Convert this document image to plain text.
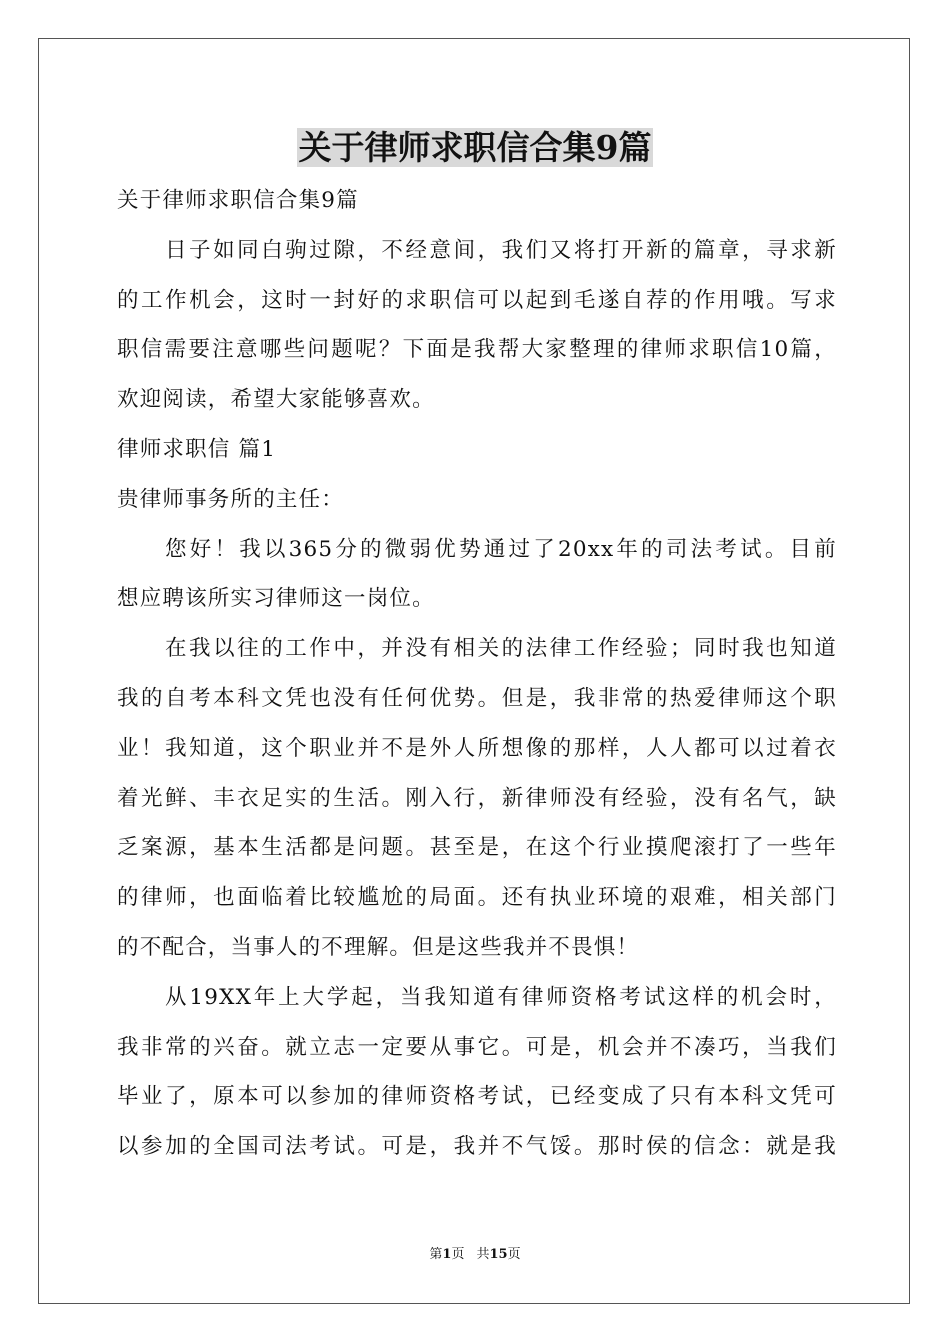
关于律师求职信合集9篇
关于律师求职信合集9篇
日子如同白驹过隙，不经意间，我们又将打开新的篇章，寻求新
的工作机会，这时一封好的求职信可以起到毛遂自荐的作用哦。写求
职信需要注意哪些问题呢？下面是我帮大家整理的律师求职信10篇，
欢迎阅读，希望大家能够喜欢。
律师求职信 篇1
贵律师事务所的主任：
您好！我以365分的微弱优势通过了20xx年的司法考试。目前
想应聘该所实习律师这一岗位。
在我以往的工作中，并没有相关的法律工作经验；同时我也知道
我的自考本科文凭也没有任何优势。但是，我非常的热爱律师这个职
业！我知道，这个职业并不是外人所想像的那样，人人都可以过着衣
着光鲜、丰衣足实的生活。刚入行，新律师没有经验，没有名气，缺
乏案源，基本生活都是问题。甚至是，在这个行业摸爬滚打了一些年
的律师，也面临着比较尴尬的局面。还有执业环境的艰难，相关部门
的不配合，当事人的不理解。但是这些我并不畏惧！
从19XX年上大学起，当我知道有律师资格考试这样的机会时，
我非常的兴奋。就立志一定要从事它。可是，机会并不凑巧，当我们
毕业了，原本可以参加的律师资格考试，已经变成了只有本科文凭可
以参加的全国司法考试。可是，我并不气馁。那时侯的信念：就是我
第1页 共15页
